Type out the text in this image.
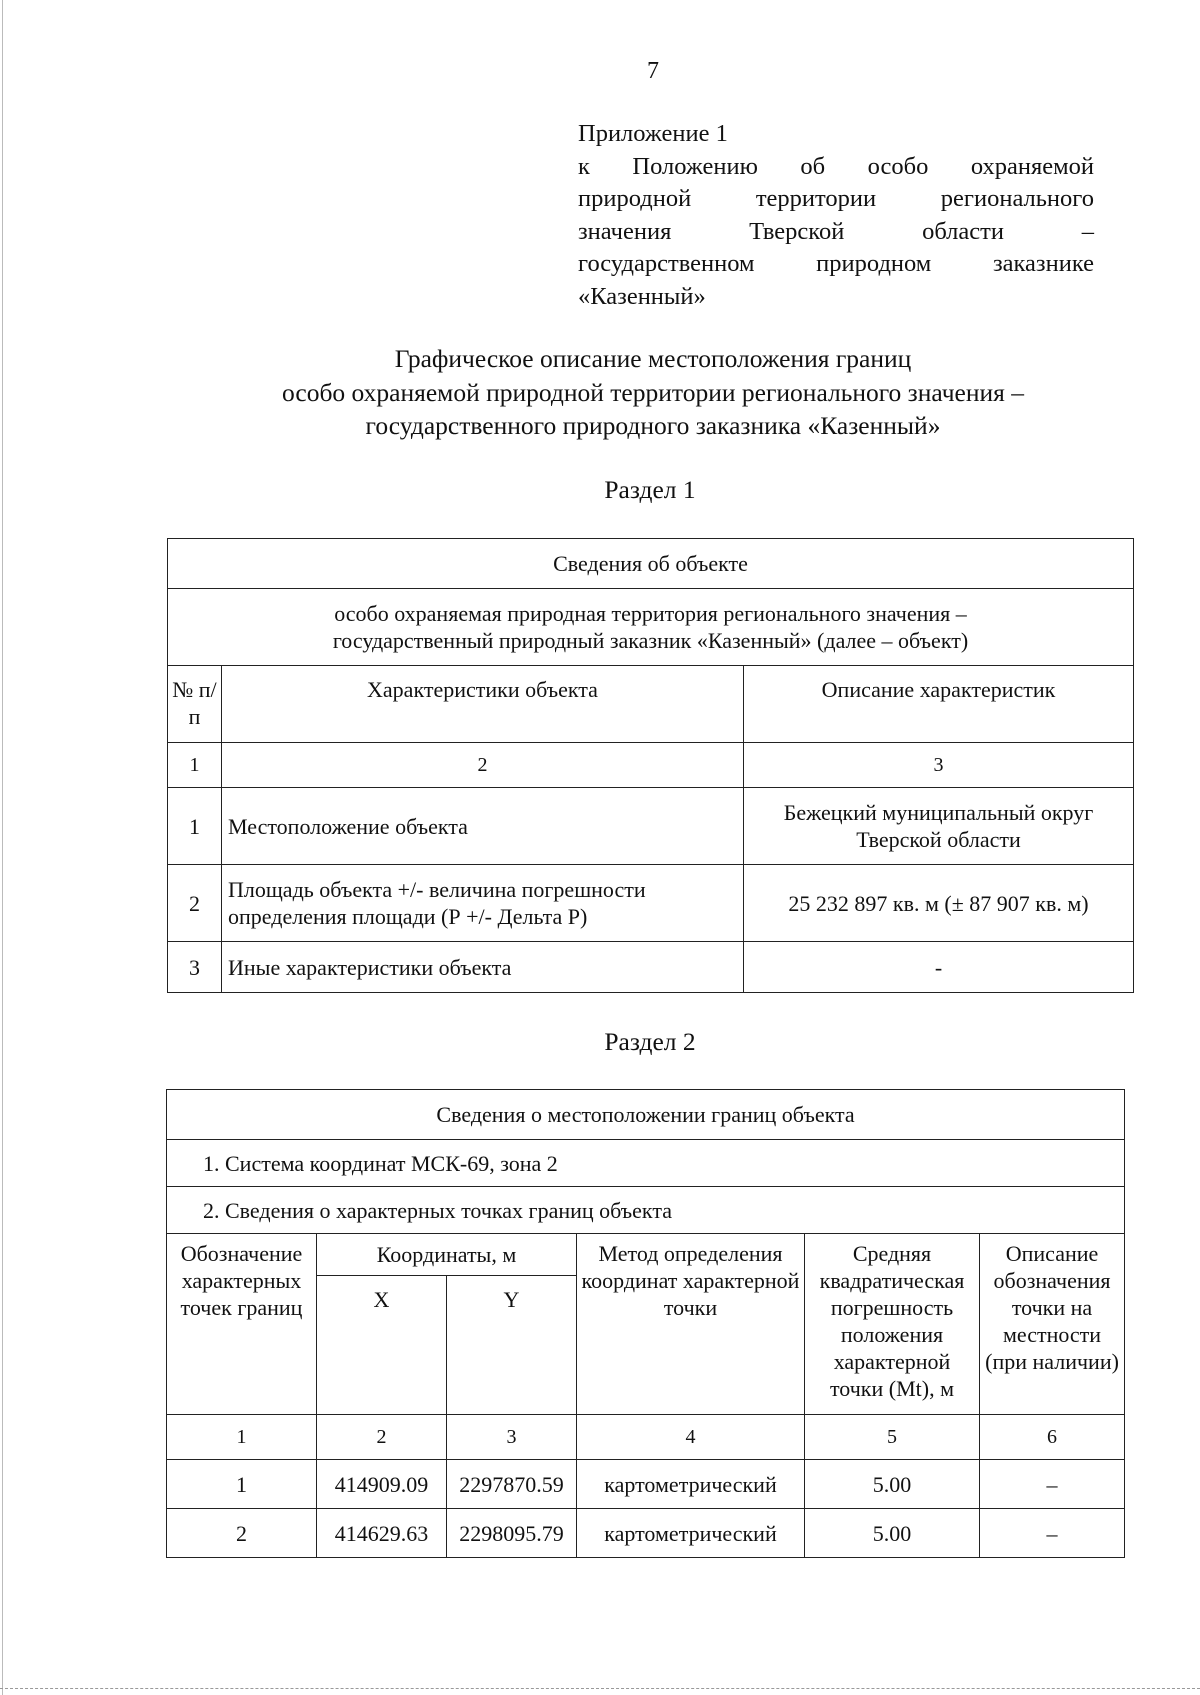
7
Приложение 1
к Положению об особо охраняемой
природной территории регионального
значения Тверской области –
государственном природном заказнике
«Казенный»
Графическое описание местоположения границ
особо охраняемой природной территории регионального значения –
государственного природного заказника «Казенный»
Раздел 1
Сведения об объекте		

особо охраняемая природная территория регионального значения –
государственный природный заказник «Казенный» (далее – объект)		

№ п/п	Характеристики объекта	Описание характеристик
1	2	3
1	Местоположение объекта	Бежецкий муниципальный округ Тверской области
2	Площадь объекта +/- величина погрешности определения площади (Р +/- Дельта Р)	25 232 897 кв. м (± 87 907 кв. м)
3	Иные характеристики объекта	-
Раздел 2
Сведения о местоположении границ объекта					
1. Система координат МСК-69, зона 2					
2. Сведения о характерных точках границ объекта					
Обозначение характерных точек границ	Координаты, м		Метод определения координат характерной точки	Средняя квадратическая погрешность положения характерной точки (Mt), м	Описание обозначения точки на местности (при наличии)
	X	Y			
1	2	3	4	5	6
1	414909.09	2297870.59	картометрический	5.00	–
2	414629.63	2298095.79	картометрический	5.00	–
